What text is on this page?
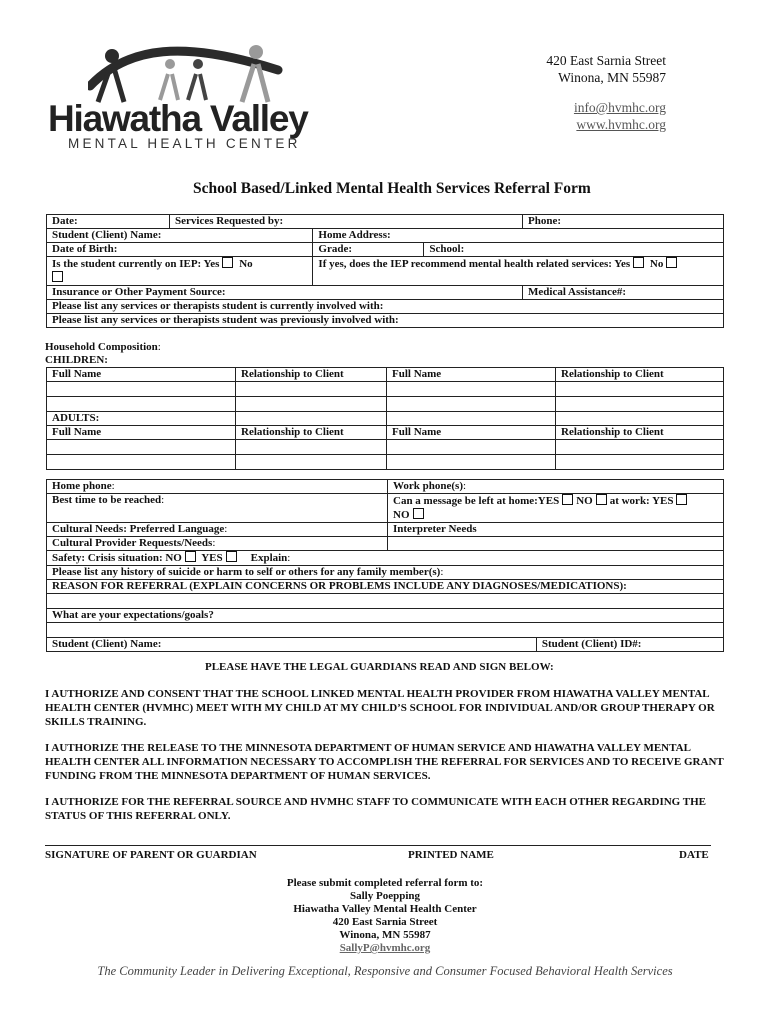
Hiawatha Valley
MENTAL HEALTH CENTER
420 East Sarnia Street
Winona, MN 55987
info@hvmhc.org
www.hvmhc.org
School Based/Linked Mental Health Services Referral Form
Date:	Services Requested by:			Phone:
Student (Client) Name:		Home Address:		
Date of Birth:		Grade:	School:	
Is the student currently on IEP: Yes No		If yes, does the IEP recommend mental health related services: Yes No		
Insurance or Other Payment Source:				Medical Assistance#:
Please list any services or therapists student is currently involved with:				
Please list any services or therapists student was previously involved with:				
Household Composition:
CHILDREN:
Full Name	Relationship to Client	Full Name	Relationship to Client

ADULTS:			
Full Name	Relationship to Client	Full Name	Relationship to Client

Home phone:	Work phone(s):	
Best time to be reached:	Can a message be left at home:YES NO at work: YES
NO	

Cultural Needs: Preferred Language:	Interpreter Needs	
Cultural Provider Requests/Needs:		
Safety: Crisis situation: NO YES Explain:		
Please list any history of suicide or harm to self or others for any family member(s):		
REASON FOR REFERRAL (EXPLAIN CONCERNS OR PROBLEMS INCLUDE ANY DIAGNOSES/MEDICATIONS):		

What are your expectations/goals?		

Student (Client) Name:		Student (Client) ID#:
PLEASE HAVE THE LEGAL GUARDIANS READ AND SIGN BELOW:
I AUTHORIZE AND CONSENT THAT THE SCHOOL LINKED MENTAL HEALTH PROVIDER FROM HIAWATHA VALLEY MENTAL HEALTH CENTER (HVMHC) MEET WITH MY CHILD AT MY CHILD’S SCHOOL FOR INDIVIDUAL AND/OR GROUP THERAPY OR SKILLS TRAINING.
I AUTHORIZE THE RELEASE TO THE MINNESOTA DEPARTMENT OF HUMAN SERVICE AND HIAWATHA VALLEY MENTAL HEALTH CENTER ALL INFORMATION NECESSARY TO ACCOMPLISH THE REFERRAL FOR SERVICES AND TO RECEIVE GRANT FUNDING FROM THE MINNESOTA DEPARTMENT OF HUMAN SERVICES.
I AUTHORIZE FOR THE REFERRAL SOURCE AND HVMHC STAFF TO COMMUNICATE WITH EACH OTHER REGARDING THE STATUS OF THIS REFERRAL ONLY.
SIGNATURE OF PARENT OR GUARDIAN	PRINTED NAME	DATE
Please submit completed referral form to:
Sally Poepping
Hiawatha Valley Mental Health Center
420 East Sarnia Street
Winona, MN 55987
SallyP@hvmhc.org
The Community Leader in Delivering Exceptional, Responsive and Consumer Focused Behavioral Health Services
